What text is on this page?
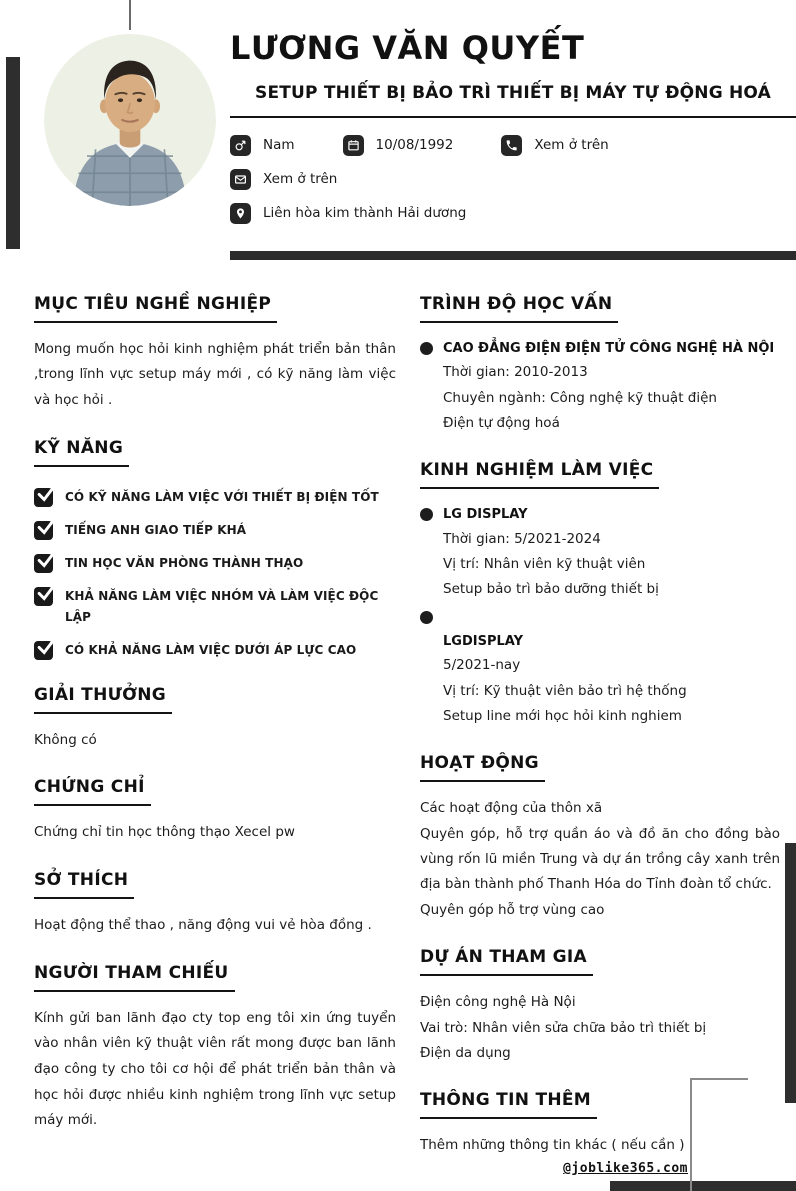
LƯƠNG VĂN QUYẾT
SETUP THIẾT BỊ BẢO TRÌ THIẾT BỊ MÁY TỰ ĐỘNG HOÁ
Nam	10/08/1992	Xem ở trên
Xem ở trên
Liên hòa kim thành Hải dương
MỤC TIÊU NGHỀ NGHIỆP

Mong muốn học hỏi kinh nghiệm phát triển bản thân ,trong lĩnh vực setup máy mới , có kỹ năng làm việc và học hỏi .

KỸ NĂNG
CÓ KỸ NĂNG LÀM VIỆC VỚI THIẾT BỊ ĐIỆN TỐT
TIẾNG ANH GIAO TIẾP KHÁ
TIN HỌC VĂN PHÒNG THÀNH THẠO
KHẢ NĂNG LÀM VIỆC NHÓM VÀ LÀM VIỆC ĐỘC LẬP
CÓ KHẢ NĂNG LÀM VIỆC DƯỚI ÁP LỰC CAO
GIẢI THƯỞNG

Không có

CHỨNG CHỈ

Chứng chỉ tin học thông thạo Xecel pw

SỞ THÍCH

Hoạt động thể thao , năng động vui vẻ hòa đồng .

NGƯỜI THAM CHIẾU

Kính gửi ban lãnh đạo cty top eng tôi xin ứng tuyển vào nhân viên kỹ thuật viên rất mong được ban lãnh đạo công ty cho tôi cơ hội để phát triển bản thân và học hỏi được nhiều kinh nghiệm trong lĩnh vực setup máy mới.

TRÌNH ĐỘ HỌC VẤN
CAO ĐẲNG ĐIỆN ĐIỆN TỬ CÔNG NGHỆ HÀ NỘI
Thời gian: 2010-2013
Chuyên ngành: Công nghệ kỹ thuật điện
Điện tự động hoá
KINH NGHIỆM LÀM VIỆC
LG DISPLAY
Thời gian: 5/2021-2024
Vị trí: Nhân viên kỹ thuật viên
Setup bảo trì bảo dưỡng thiết bị
LGDISPLAY
5/2021-nay
Vị trí: Kỹ thuật viên bảo trì hệ thống
Setup line mới học hỏi kinh nghiem
HOẠT ĐỘNG

Các hoạt động của thôn xã

Quyên góp, hỗ trợ quần áo và đồ ăn cho đồng bào vùng rốn lũ miền Trung và dự án trồng cây xanh trên địa bàn thành phố Thanh Hóa do Tỉnh đoàn tổ chức.

Quyên góp hỗ trợ vùng cao

DỰ ÁN THAM GIA

Điện công nghệ Hà Nội

Vai trò: Nhân viên sửa chữa bảo trì thiết bị

Điện da dụng

THÔNG TIN THÊM

Thêm những thông tin khác ( nếu cần )

@joblike365.com
